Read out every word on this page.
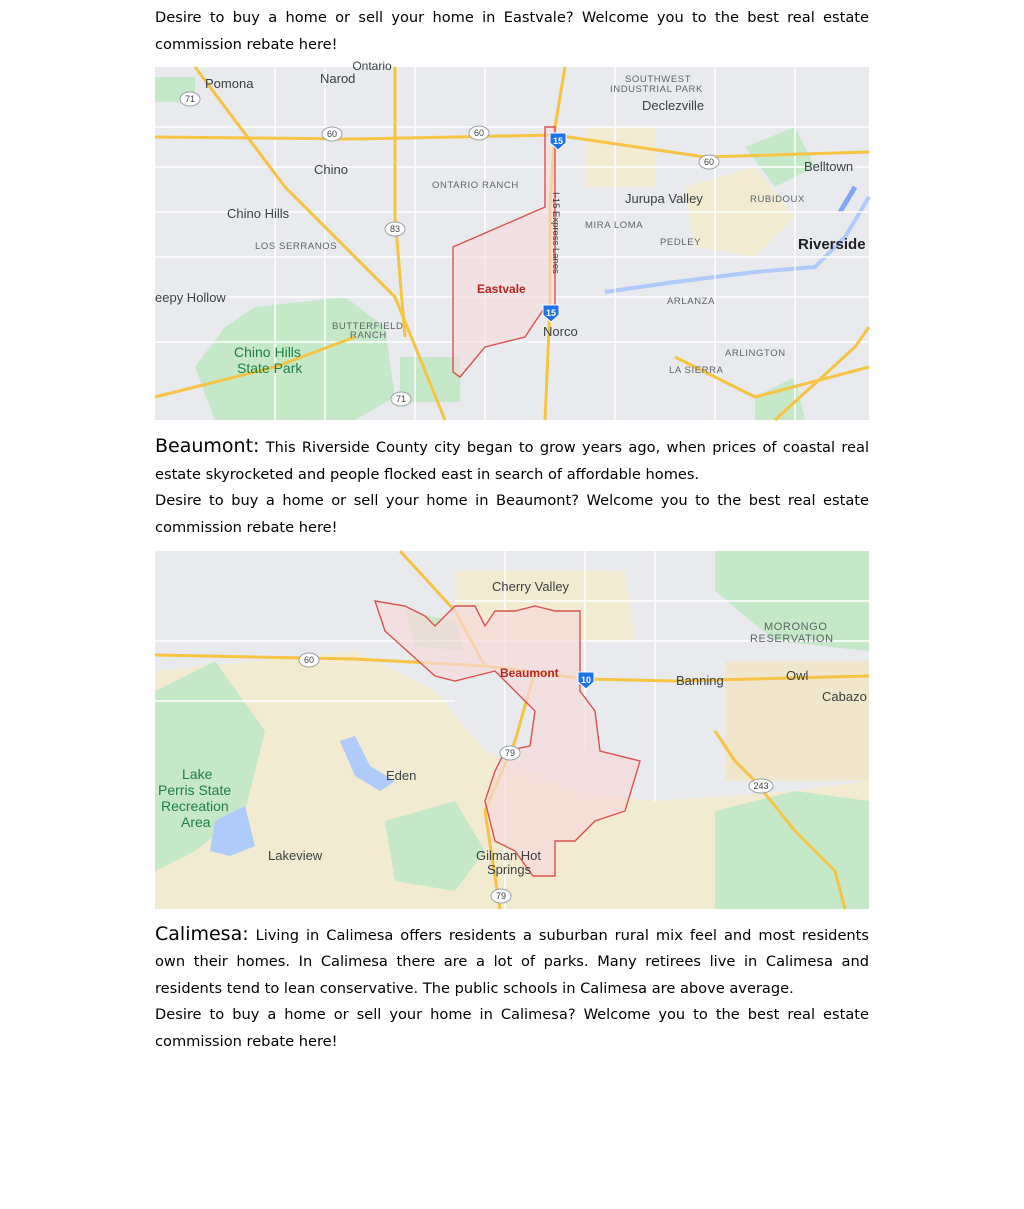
Desire to buy a home or sell your home in Eastvale? Welcome you to the best real estate commission rebate here!

Ontario
Pomona	Narod	SOUTHWEST
INDUSTRIAL PARK
Declezville
Chino	Belltown
ONTARIO RANCH
Jurupa Valley	RUBIDOUX
Chino Hills
MIRA LOMA
PEDLEY	Riverside
LOS SERRANOS	I-15 Express Lanes
Eastvale
eepy Hollow	ARLANZA
BUTTERFIELD
RANCH	Norco
Chino Hills
State Park
ARLINGTON
LA SIERRA
71
60	60
60
15
83
15
71

Beaumont: This Riverside County city began to grow years ago, when prices of coastal real estate skyrocketed and people flocked east in search of affordable homes.

Desire to buy a home or sell your home in Beaumont? Welcome you to the best real estate commission rebate here!

Cherry Valley
MORONGO
RESERVATION
Beaumont	Banning	Owl
Cabazo
Lake
Perris State
Recreation
Area
Eden
Lakeview	Gilman Hot
Springs
60
10
79
243
79

Calimesa: Living in Calimesa offers residents a suburban rural mix feel and most residents own their homes. In Calimesa there are a lot of parks. Many retirees live in Calimesa and residents tend to lean conservative. The public schools in Calimesa are above average.

Desire to buy a home or sell your home in Calimesa? Welcome you to the best real estate commission rebate here!
